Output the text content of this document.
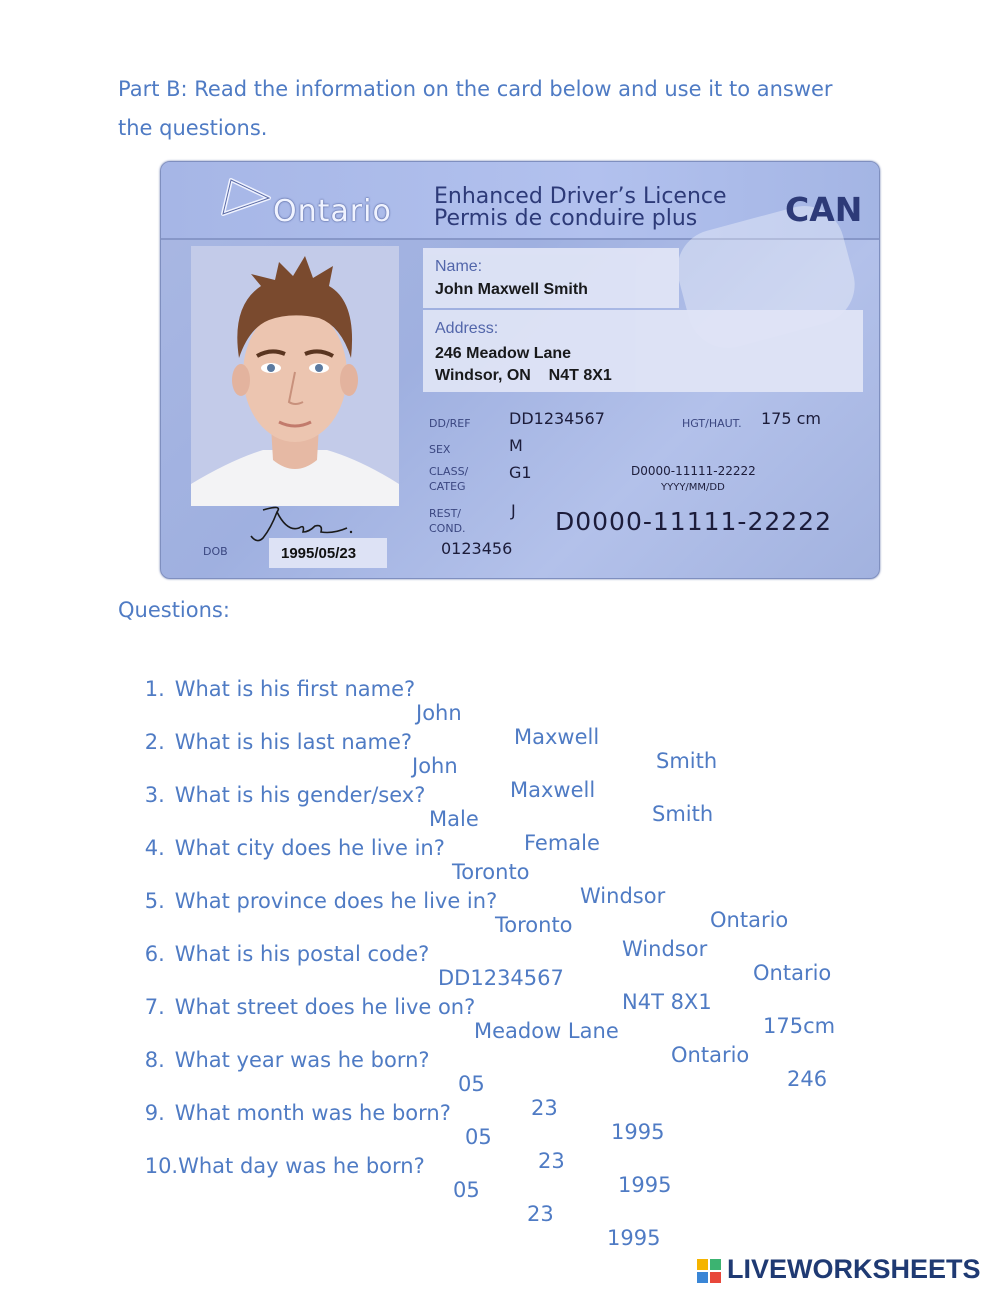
Part B: Read the information on the card below and use it to answer
the questions.
Ontario Enhanced Driver’s Licence
Permis de conduire plus	CAN
DOB	1995/05/23
Name:
John Maxwell Smith
Address:
246 Meadow Lane
Windsor, ON    N4T 8X1
DD/REF DD1234567	HGT/HAUT. 175 cm
SEX	M
CLASS/
CATEG
G1	D0000-11111-22222
YYYY/MM/DD
REST/
COND.
J D0000-11111-22222
0123456
Questions:

1. What is his first name?

John

Maxwell

Smith

2. What is his last name?

John

Maxwell

Smith

3. What is his gender/sex?

Male

Female

4. What city does he live in?

Toronto

Windsor

Ontario

5. What province does he live in?

Toronto

Windsor

Ontario

6. What is his postal code?

DD1234567

N4T 8X1

175cm

7. What street does he live on?

Meadow Lane

Ontario

246

8. What year was he born?

05

23

1995

9. What month was he born?

05

23

1995

10.What day was he born?

05

23

1995

LIVEWORKSHEETS
